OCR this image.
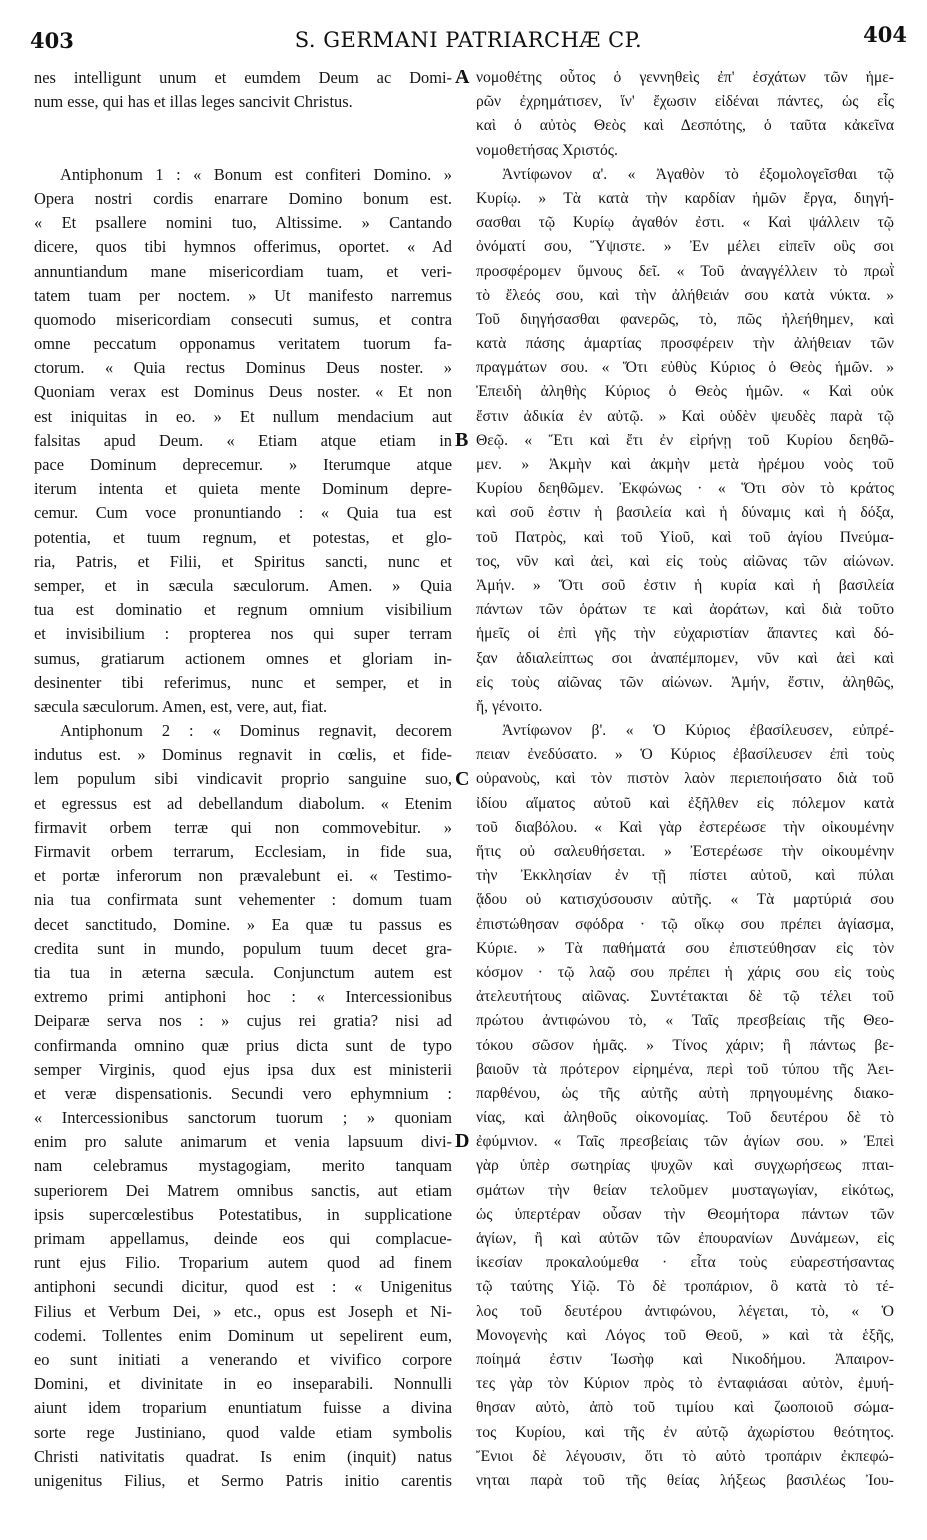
403	S. GERMANI PATRIARCHÆ CP.	404
nes intelligunt unum et eumdem Deum ac Domi-
num esse, qui has et illas leges sancivit Christus.
Antiphonum 1 : « Bonum est confiteri Domino. »
Opera nostri cordis enarrare Domino bonum est.
« Et psallere nomini tuo, Altissime. » Cantando
dicere, quos tibi hymnos offerimus, oportet. « Ad
annuntiandum mane misericordiam tuam, et veri-
tatem tuam per noctem. » Ut manifesto narremus
quomodo misericordiam consecuti sumus, et contra
omne peccatum opponamus veritatem tuorum fa-
ctorum. « Quia rectus Dominus Deus noster. »
Quoniam verax est Dominus Deus noster. « Et non
est iniquitas in eo. » Et nullum mendacium aut
falsitas apud Deum. « Etiam atque etiam in
pace Dominum deprecemur. » Iterumque atque
iterum intenta et quieta mente Dominum depre-
cemur. Cum voce pronuntiando : « Quia tua est
potentia, et tuum regnum, et potestas, et glo-
ria, Patris, et Filii, et Spiritus sancti, nunc et
semper, et in sæcula sæculorum. Amen. » Quia
tua est dominatio et regnum omnium visibilium
et invisibilium : propterea nos qui super terram
sumus, gratiarum actionem omnes et gloriam in-
desinenter tibi referimus, nunc et semper, et in
sæcula sæculorum. Amen, est, vere, aut, fiat.
Antiphonum 2 : « Dominus regnavit, decorem
indutus est. » Dominus regnavit in cœlis, et fide-
lem populum sibi vindicavit proprio sanguine suo,
et egressus est ad debellandum diabolum. « Etenim
firmavit orbem terræ qui non commovebitur. »
Firmavit orbem terrarum, Ecclesiam, in fide sua,
et portæ inferorum non prævalebunt ei. « Testimo-
nia tua confirmata sunt vehementer : domum tuam
decet sanctitudo, Domine. » Ea quæ tu passus es
credita sunt in mundo, populum tuum decet gra-
tia tua in æterna sæcula. Conjunctum autem est
extremo primi antiphoni hoc : « Intercessionibus
Deiparæ serva nos : » cujus rei gratia? nisi ad
confirmanda omnino quæ prius dicta sunt de typo
semper Virginis, quod ejus ipsa dux est ministerii
et veræ dispensationis. Secundi vero ephymnium :
« Intercessionibus sanctorum tuorum ; » quoniam
enim pro salute animarum et venia lapsuum divi-
nam celebramus mystagogiam, merito tanquam
superiorem Dei Matrem omnibus sanctis, aut etiam
ipsis supercœlestibus Potestatibus, in supplicatione
primam appellamus, deinde eos qui complacue-
runt ejus Filio. Troparium autem quod ad finem
antiphoni secundi dicitur, quod est : « Unigenitus
Filius et Verbum Dei, » etc., opus est Joseph et Ni-
codemi. Tollentes enim Dominum ut sepelirent eum,
eo sunt initiati a venerando et vivifico corpore
Domini, et divinitate in eo inseparabili. Nonnulli
aiunt idem troparium enuntiatum fuisse a divina
sorte rege Justiniano, quod valde etiam symbolis
Christi nativitatis quadrat. Is enim (inquit) natus
unigenitus Filius, et Sermo Patris initio carentis
νομοθέτης οὗτος ὁ γεννηθεὶς ἐπ' ἐσχάτων τῶν ἡμε-
ρῶν ἐχρημάτισεν, ἵν' ἔχωσιν εἰδέναι πάντες, ὡς εἷς
καὶ ὁ αὐτὸς Θεὸς καὶ Δεσπότης, ὁ ταῦτα κἀκεῖνα
νομοθετήσας Χριστός.
Ἀντίφωνον α'. « Ἀγαθὸν τὸ ἐξομολογεῖσθαι τῷ
Κυρίῳ. » Τὰ κατὰ τὴν καρδίαν ἡμῶν ἔργα, διηγή-
σασθαι τῷ Κυρίῳ ἀγαθόν ἐστι. « Καὶ ψάλλειν τῷ
ὀνόματί σου, Ὕψιστε. » Ἐν μέλει εἰπεῖν οὓς σοι
προσφέρομεν ὕμνους δεῖ. « Τοῦ ἀναγγέλλειν τὸ πρωῒ
τὸ ἔλεός σου, καὶ τὴν ἀλήθειάν σου κατὰ νύκτα. »
Τοῦ διηγήσασθαι φανερῶς, τὸ, πῶς ἠλεήθημεν, καὶ
κατὰ πάσης ἁμαρτίας προσφέρειν τὴν ἀλήθειαν τῶν
πραγμάτων σου. « Ὅτι εὐθὺς Κύριος ὁ Θεὸς ἡμῶν. »
Ἐπειδὴ ἀληθὴς Κύριος ὁ Θεὸς ἡμῶν. « Καὶ οὐκ
ἔστιν ἀδικία ἐν αὐτῷ. » Καὶ οὐδὲν ψευδὲς παρὰ τῷ
Θεῷ. « Ἔτι καὶ ἔτι ἐν εἰρήνῃ τοῦ Κυρίου δεηθῶ-
μεν. » Ἀκμὴν καὶ ἀκμὴν μετὰ ἠρέμου νοὸς τοῦ
Κυρίου δεηθῶμεν. Ἐκφώνως · « Ὅτι σὸν τὸ κράτος
καὶ σοῦ ἐστιν ἡ βασιλεία καὶ ἡ δύναμις καὶ ἡ δόξα,
τοῦ Πατρὸς, καὶ τοῦ Υἱοῦ, καὶ τοῦ ἁγίου Πνεύμα-
τος, νῦν καὶ ἀεὶ, καὶ εἰς τοὺς αἰῶνας τῶν αἰώνων.
Ἀμήν. » Ὅτι σοῦ ἐστιν ἡ κυρία καὶ ἡ βασιλεία
πάντων τῶν ὁράτων τε καὶ ἀοράτων, καὶ διὰ τοῦτο
ἡμεῖς οἱ ἐπὶ γῆς τὴν εὐχαριστίαν ἅπαντες καὶ δό-
ξαν ἀδιαλείπτως σοι ἀναπέμπομεν, νῦν καὶ ἀεὶ καὶ
εἰς τοὺς αἰῶνας τῶν αἰώνων. Ἀμήν, ἔστιν, ἀληθῶς,
ἤ, γένοιτο.
Ἀντίφωνον β'. « Ὁ Κύριος ἐβασίλευσεν, εὐπρέ-
πειαν ἐνεδύσατο. » Ὁ Κύριος ἐβασίλευσεν ἐπὶ τοὺς
οὐρανοὺς, καὶ τὸν πιστὸν λαὸν περιεποιήσατο διὰ τοῦ
ἰδίου αἵματος αὐτοῦ καὶ ἐξῆλθεν εἰς πόλεμον κατὰ
τοῦ διαβόλου. « Καὶ γὰρ ἐστερέωσε τὴν οἰκουμένην
ἥτις οὐ σαλευθήσεται. » Ἐστερέωσε τὴν οἰκουμένην
τὴν Ἐκκλησίαν ἐν τῇ πίστει αὐτοῦ, καὶ πύλαι
ᾅδου οὐ κατισχύσουσιν αὐτῆς. « Τὰ μαρτύριά σου
ἐπιστώθησαν σφόδρα · τῷ οἴκῳ σου πρέπει ἁγίασμα,
Κύριε. » Τὰ παθήματά σου ἐπιστεύθησαν εἰς τὸν
κόσμον · τῷ λαῷ σου πρέπει ἡ χάρις σου εἰς τοὺς
ἀτελευτήτους αἰῶνας. Συντέτακται δὲ τῷ τέλει τοῦ
πρώτου ἀντιφώνου τὸ, « Ταῖς πρεσβείαις τῆς Θεο-
τόκου σῶσον ἡμᾶς. » Τίνος χάριν; ἢ πάντως βε-
βαιοῦν τὰ πρότερον εἰρημένα, περὶ τοῦ τύπου τῆς Ἀει-
παρθένου, ὡς τῆς αὐτῆς αὐτὴ πρηγουμένης διακο-
νίας, καὶ ἀληθοῦς οἰκονομίας. Τοῦ δευτέρου δὲ τὸ
ἐφύμνιον. « Ταῖς πρεσβείαις τῶν ἁγίων σου. » Ἐπεὶ
γὰρ ὑπὲρ σωτηρίας ψυχῶν καὶ συγχωρήσεως πται-
σμάτων τὴν θείαν τελοῦμεν μυσταγωγίαν, εἰκότως,
ὡς ὑπερτέραν οὖσαν τὴν Θεομήτορα πάντων τῶν
ἁγίων, ἢ καὶ αὐτῶν τῶν ἐπουρανίων Δυνάμεων, εἰς
ἱκεσίαν προκαλούμεθα · εἶτα τοὺς εὐαρεστήσαντας
τῷ ταύτης Υἱῷ. Τὸ δὲ τροπάριον, ὃ κατὰ τὸ τέ-
λος τοῦ δευτέρου ἀντιφώνου, λέγεται, τὸ, « Ὁ
Μονογενὴς καὶ Λόγος τοῦ Θεοῦ, » καὶ τὰ ἑξῆς,
ποίημά ἐστιν Ἰωσὴφ καὶ Νικοδήμου. Ἀπαιρον-
τες γὰρ τὸν Κύριον πρὸς τὸ ἐνταφιάσαι αὐτὸν, ἐμυή-
θησαν αὐτὸ, ἀπὸ τοῦ τιμίου καὶ ζωοποιοῦ σώμα-
τος Κυρίου, καὶ τῆς ἐν αὐτῷ ἀχωρίστου θεότητος.
Ἔνιοι δὲ λέγουσιν, ὅτι τὸ αὐτὸ τροπάριν ἐκπεφώ-
νηται παρὰ τοῦ τῆς θείας λήξεως βασιλέως Ἰου-
A
B
C
D
